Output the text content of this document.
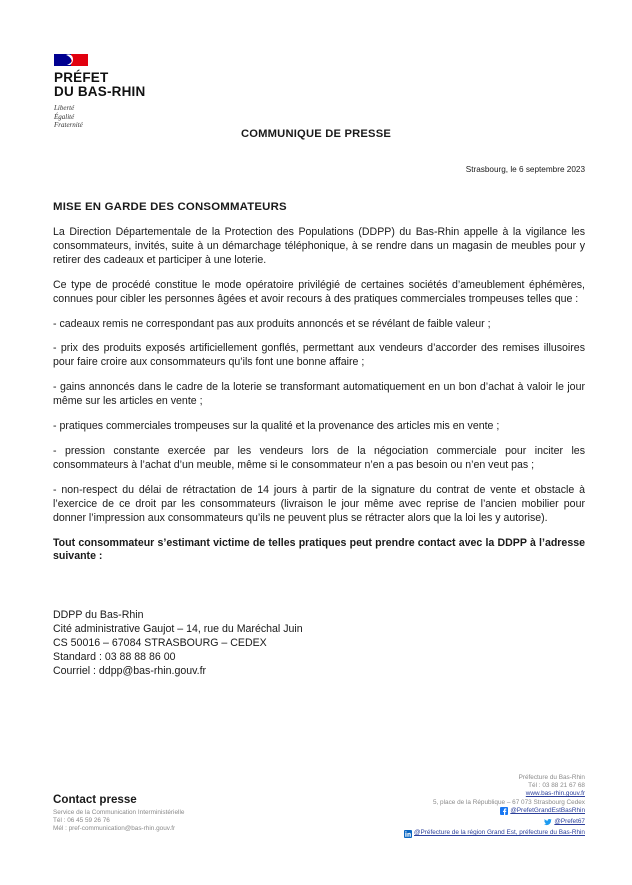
PRÉFET
DU BAS-RHIN
Liberté
Égalité
Fraternité
COMMUNIQUE DE PRESSE
Strasbourg, le 6 septembre 2023
MISE EN GARDE DES CONSOMMATEURS

La Direction Départementale de la Protection des Populations (DDPP) du Bas-Rhin appelle à la vigilance les consommateurs, invités, suite à un démarchage téléphonique, à se rendre dans un magasin de meubles pour y retirer des cadeaux et participer à une loterie.

Ce type de procédé constitue le mode opératoire privilégié de certaines sociétés d’ameublement éphémères, connues pour cibler les personnes âgées et avoir recours à des pratiques commerciales trompeuses telles que :

- cadeaux remis ne correspondant pas aux produits annoncés et se révélant de faible valeur ;

- prix des produits exposés artificiellement gonflés, permettant aux vendeurs d’accorder des remises illusoires pour faire croire aux consommateurs qu’ils font une bonne affaire ;

- gains annoncés dans le cadre de la loterie se transformant automatiquement en un bon d’achat à valoir le jour même sur les articles en vente ;

- pratiques commerciales trompeuses sur la qualité et la provenance des articles mis en vente ;

- pression constante exercée par les vendeurs lors de la négociation commerciale pour inciter les consommateurs à l’achat d’un meuble, même si le consommateur n’en a pas besoin ou n’en veut pas ;

- non-respect du délai de rétractation de 14 jours à partir de la signature du contrat de vente et obstacle à l’exercice de ce droit par les consommateurs (livraison le jour même avec reprise de l’ancien mobilier pour donner l’impression aux consommateurs qu’ils ne peuvent plus se rétracter alors que la loi les y autorise).

Tout consommateur s’estimant victime de telles pratiques peut prendre contact avec la DDPP à l’adresse suivante :

DDPP du Bas-Rhin
Cité administrative Gaujot – 14, rue du Maréchal Juin
CS 50016 – 67084 STRASBOURG – CEDEX
Standard : 03 88 88 86 00
Courriel : ddpp@bas-rhin.gouv.fr
Contact presse
Service de la Communication Interministérielle
Tél : 06 45 59 26 76
Mél : pref-communication@bas-rhin.gouv.fr
Préfecture du Bas-Rhin
Tél : 03 88 21 67 68
www.bas-rhin.gouv.fr
5, place de la République – 67 073 Strasbourg Cedex
@PrefetGrandEstBasRhin
@Prefet67
@Préfecture de la région Grand Est, préfecture du Bas-Rhin
